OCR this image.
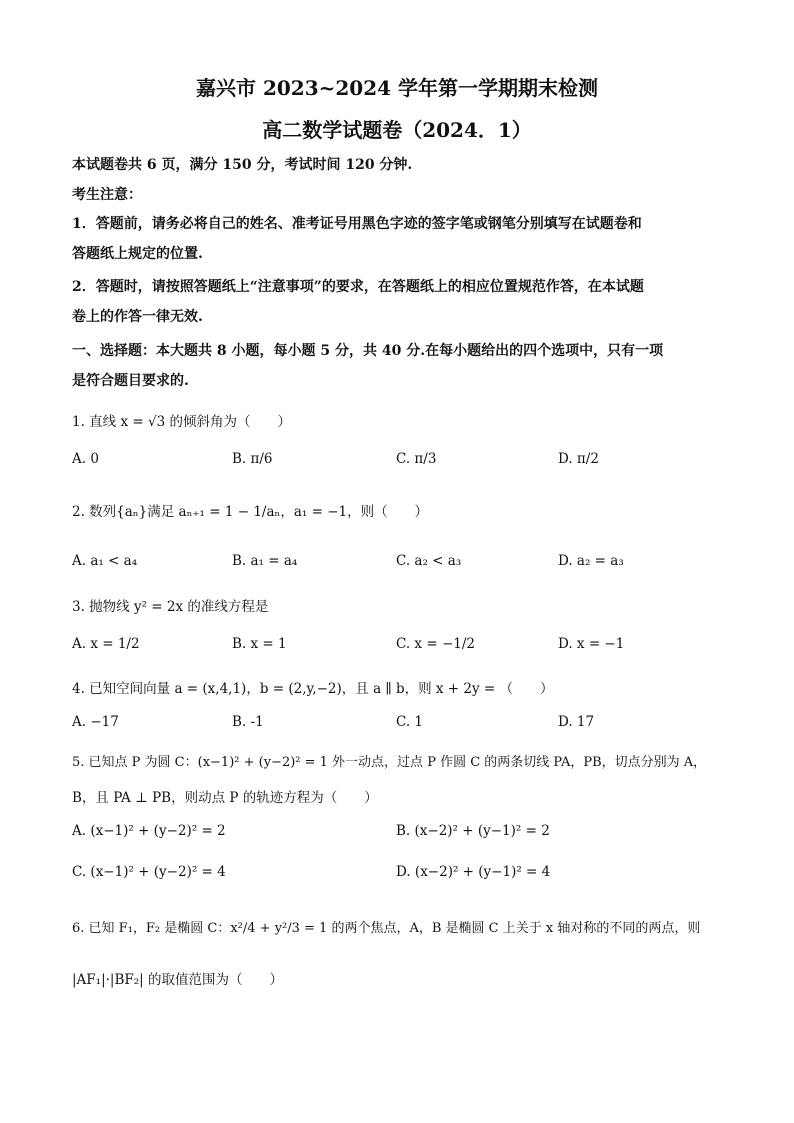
嘉兴市 2023~2024 学年第一学期期末检测
高二数学试题卷（2024．1）
本试题卷共 6 页，满分 150 分，考试时间 120 分钟.
考生注意：
1．答题前，请务必将自己的姓名、准考证号用黑色字迹的签字笔或钢笔分别填写在试题卷和
答题纸上规定的位置.
2．答题时，请按照答题纸上“注意事项”的要求，在答题纸上的相应位置规范作答，在本试题
卷上的作答一律无效.
一、选择题：本大题共 8 小题，每小题 5 分，共 40 分.在每小题给出的四个选项中，只有一项
是符合题目要求的.
1. 直线 x = √3 的倾斜角为（　　）
A. 0	B. π/6	C. π/3	D. π/2
2. 数列{aₙ}满足 aₙ₊₁ = 1 − 1/aₙ，a₁ = −1，则（　　）
A. a₁ < a₄	B. a₁ = a₄	C. a₂ < a₃	D. a₂ = a₃
3. 抛物线 y² = 2x 的准线方程是
A. x = 1/2	B. x = 1	C. x = −1/2	D. x = −1
4. 已知空间向量 a = (x,4,1)，b = (2,y,−2)，且 a ∥ b，则 x + 2y = （　　）
A. −17	B. -1	C. 1	D. 17
5. 已知点 P 为圆 C：(x−1)² + (y−2)² = 1 外一动点，过点 P 作圆 C 的两条切线 PA，PB，切点分别为 A，
B，且 PA ⊥ PB，则动点 P 的轨迹方程为（　　）
A. (x−1)² + (y−2)² = 2	B. (x−2)² + (y−1)² = 2
C. (x−1)² + (y−2)² = 4	D. (x−2)² + (y−1)² = 4
6. 已知 F₁，F₂ 是椭圆 C：x²/4 + y²/3 = 1 的两个焦点，A，B 是椭圆 C 上关于 x 轴对称的不同的两点，则
|AF₁|·|BF₂| 的取值范围为（　　）
